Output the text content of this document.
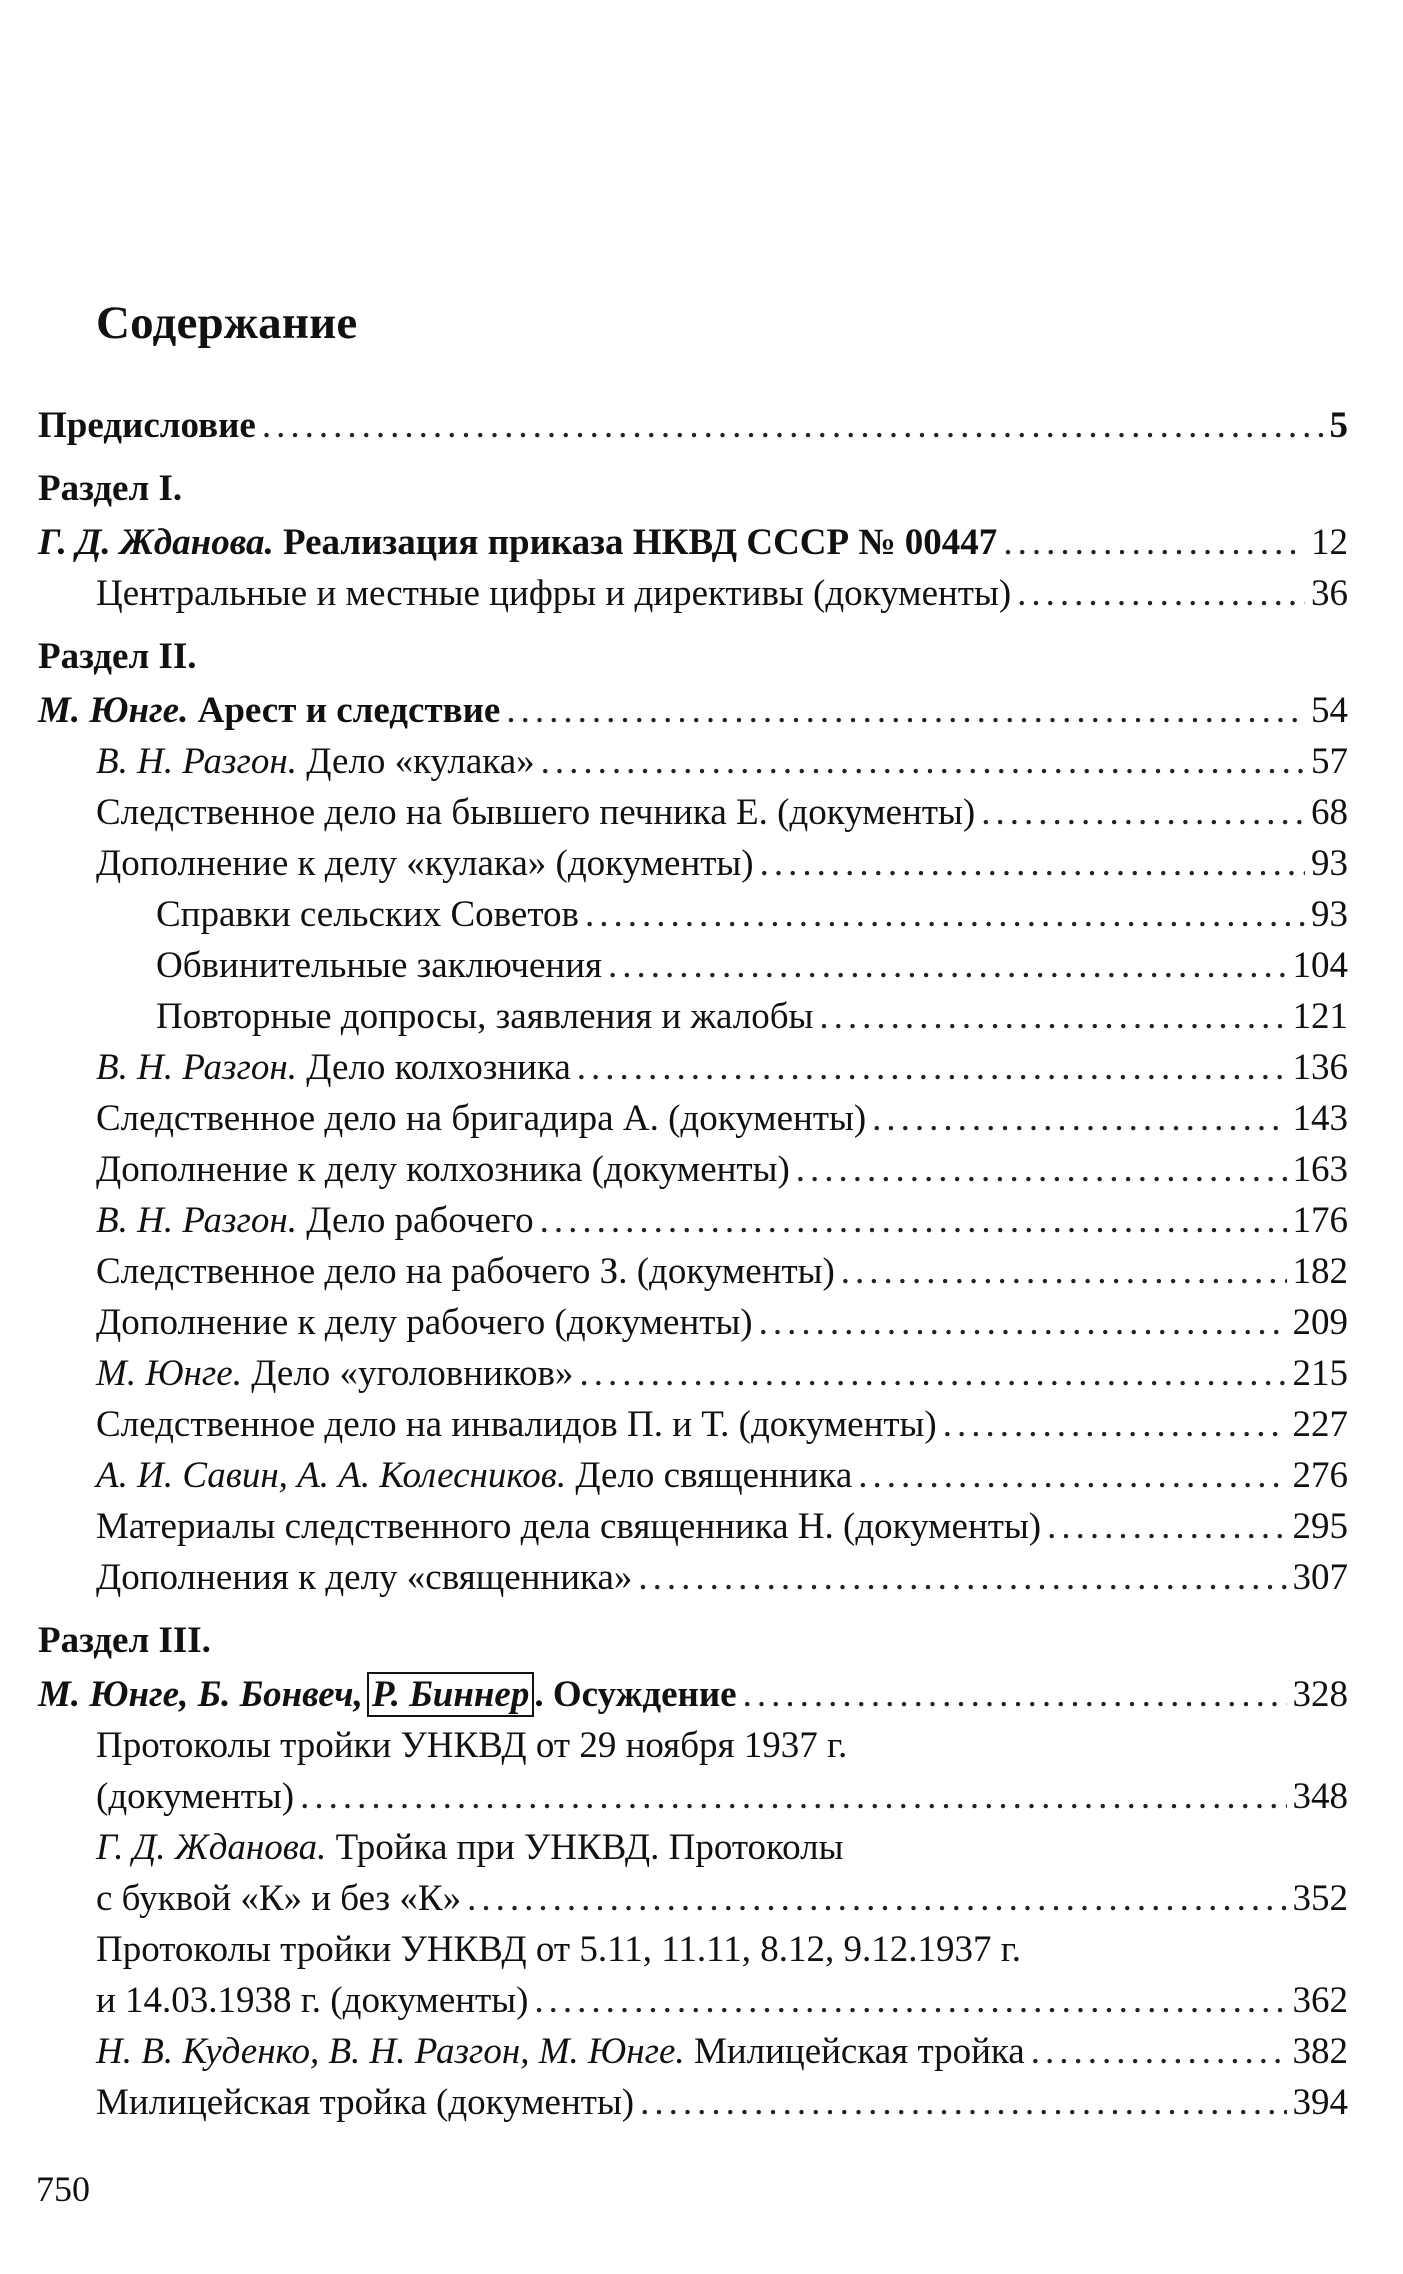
Содержание
Предисловие .....	5
Раздел I.
Г. Д. Жданова. Реализация приказа НКВД СССР № 00447 .....	12
Центральные и местные цифры и директивы (документы) .....	36
Раздел II.
М. Юнге. Арест и следствие .....	54
В. Н. Разгон. Дело «кулака» .....	57
Следственное дело на бывшего печника Е. (документы) .....	68
Дополнение к делу «кулака» (документы) .....	93
Справки сельских Советов .....	93
Обвинительные заключения .....	104
Повторные допросы, заявления и жалобы .....	121
В. Н. Разгон. Дело колхозника .....	136
Следственное дело на бригадира А. (документы) .....	143
Дополнение к делу колхозника (документы) .....	163
В. Н. Разгон. Дело рабочего .....	176
Следственное дело на рабочего З. (документы) .....	182
Дополнение к делу рабочего (документы) .....	209
М. Юнге. Дело «уголовников» .....	215
Следственное дело на инвалидов П. и Т. (документы) .....	227
А. И. Савин, А. А. Колесников. Дело священника .....	276
Материалы следственного дела священника Н. (документы) .....	295
Дополнения к делу «священника» .....	307
Раздел III.
М. Юнге, Б. Бонвеч, Р. Биннер . Осуждение .....	328
Протоколы тройки УНКВД от 29 ноября 1937 г.
(документы) .....	348
Г. Д. Жданова. Тройка при УНКВД. Протоколы
с буквой «К» и без «К» .....	352
Протоколы тройки УНКВД от 5.11, 11.11, 8.12, 9.12.1937 г.
и 14.03.1938 г. (документы) .....	362
Н. В. Куденко, В. Н. Разгон, М. Юнге. Милицейская тройка .....	382
Милицейская тройка (документы) .....	394
750
